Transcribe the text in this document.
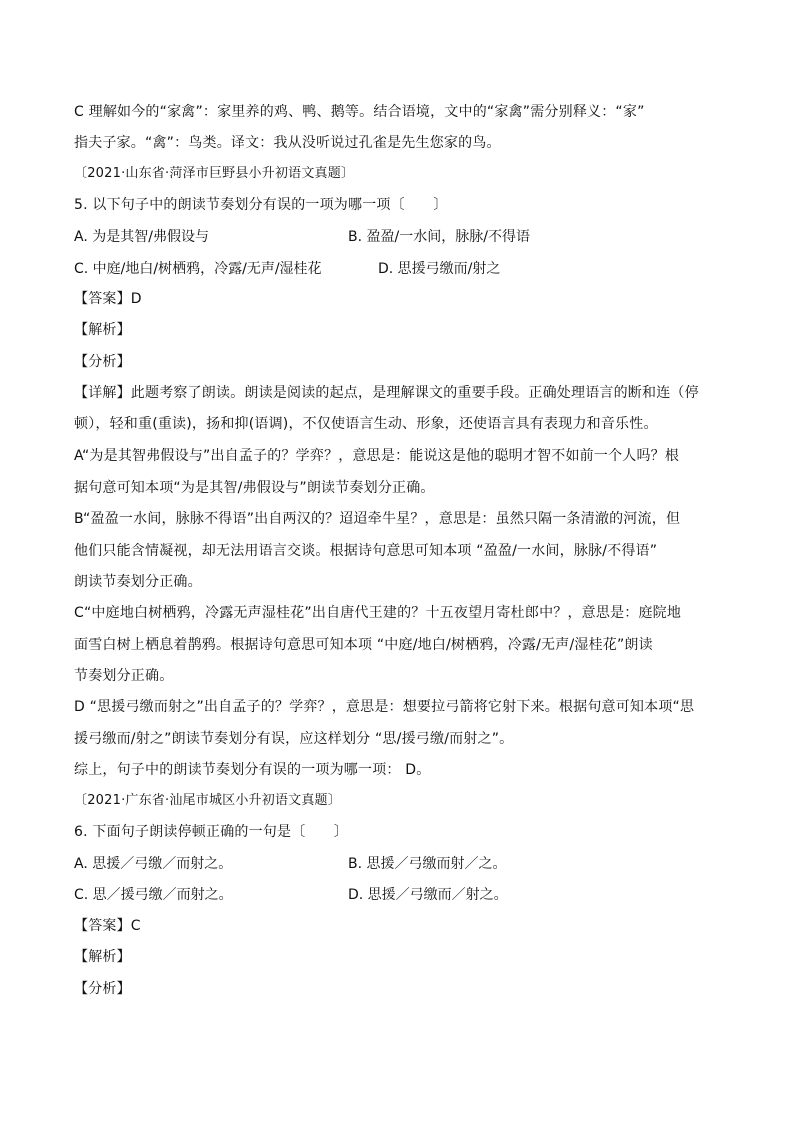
C 理解如今的“家禽”：家里养的鸡、鸭、鹅等。结合语境，文中的“家禽”需分别释义：“家”
指夫子家。“禽”：鸟类。译文：我从没听说过孔雀是先生您家的鸟。
〔2021·山东省·菏泽市巨野县小升初语文真题〕
5. 以下句子中的朗读节奏划分有误的一项为哪一项〔　　〕
A. 为是其智/弗假设与	B. 盈盈/一水间，脉脉/不得语
C. 中庭/地白/树栖鸦，冷露/无声/湿桂花	D. 思援弓缴而/射之
【答案】D
【解析】
【分析】
【详解】此题考察了朗读。朗读是阅读的起点，是理解课文的重要手段。正确处理语言的断和连（停
顿），轻和重(重读)，扬和抑(语调)，不仅使语言生动、形象，还使语言具有表现力和音乐性。
A“为是其智弗假设与”出自孟子的？学弈？，意思是：能说这是他的聪明才智不如前一个人吗？根
据句意可知本项“为是其智/弗假设与”朗读节奏划分正确。
B“盈盈一水间，脉脉不得语”出自两汉的？迢迢牵牛星？，意思是：虽然只隔一条清澈的河流，但
他们只能含情凝视，却无法用语言交谈。根据诗句意思可知本项 “盈盈/一水间，脉脉/不得语”
朗读节奏划分正确。
C“中庭地白树栖鸦，冷露无声湿桂花”出自唐代王建的？十五夜望月寄杜郎中？，意思是：庭院地
面雪白树上栖息着鹊鸦。根据诗句意思可知本项 “中庭/地白/树栖鸦，冷露/无声/湿桂花”朗读
节奏划分正确。
D “思援弓缴而射之”出自孟子的？学弈？，意思是：想要拉弓箭将它射下来。根据句意可知本项“思
援弓缴而/射之”朗读节奏划分有误，应这样划分 “思/援弓缴/而射之”。
综上，句子中的朗读节奏划分有误的一项为哪一项： D。
〔2021·广东省·汕尾市城区小升初语文真题〕
6. 下面句子朗读停顿正确的一句是〔　　〕
A. 思援／弓缴／而射之。	B. 思援／弓缴而射／之。
C. 思／援弓缴／而射之。	D. 思援／弓缴而／射之。
【答案】C
【解析】
【分析】
